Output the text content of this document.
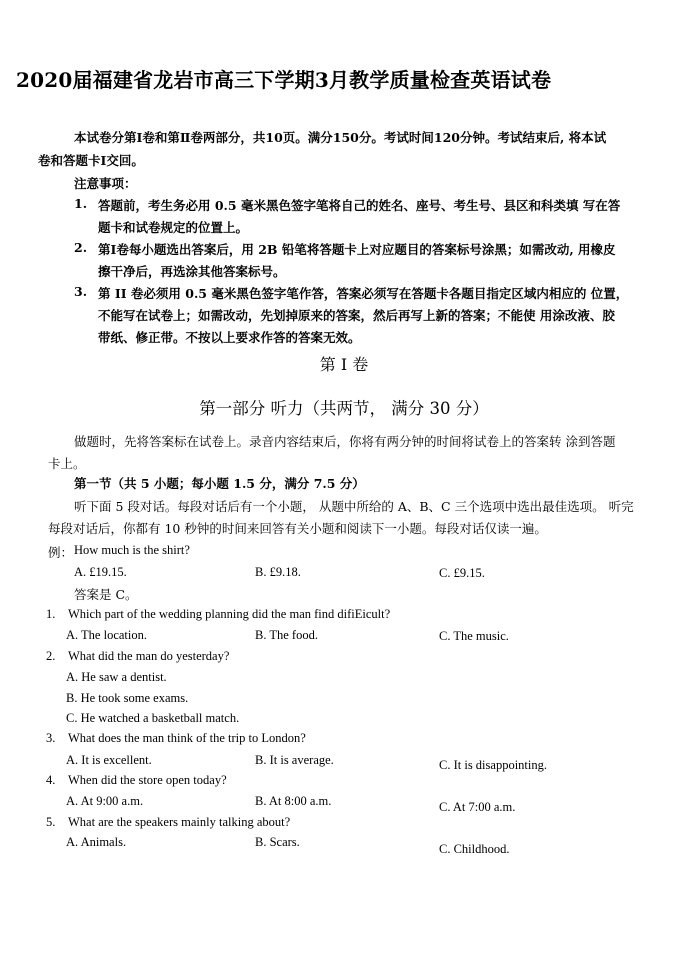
2020届福建省龙岩市高三下学期3月教学质量检查英语试卷
本试卷分第I卷和第Ⅱ卷两部分，共10页。满分150分。考试时间120分钟。考试结束后, 将本试
卷和答题卡Ⅰ交回。
注意事项：
1. 答题前，考生务必用 0.5 毫米黑色签字笔将自己的姓名、座号、考生号、县区和科类填 写在答
题卡和试卷规定的位置上。
2. 第Ⅰ卷每小题选出答案后，用 2B 铅笔将答题卡上对应题目的答案标号涂黑；如需改动, 用橡皮
擦干净后，再选涂其他答案标号。
3. 第 II 卷必须用 0.5 毫米黑色签字笔作答，答案必须写在答题卡各题目指定区域内相应的 位置，
不能写在试卷上；如需改动，先划掉原来的答案，然后再写上新的答案；不能使 用涂改液、胶
带纸、修正带。不按以上要求作答的答案无效。
第 I 卷
第一部分 听力（共两节， 满分 30 分）
做题时，先将答案标在试卷上。录音内容结束后，你将有两分钟的时间将试卷上的答案转 涂到答题
卡上。
第一节（共 5 小题；每小题 1.5 分，满分 7.5 分）
听下面 5 段对话。每段对话后有一个小题， 从题中所给的 A、B、C 三个选项中选出最佳选项。 听完
每段对话后，你都有 10 秒钟的时间来回答有关小题和阅读下一小题。每段对话仅读一遍。
例： How much is the shirt?
A. £19.15.	B. £9.18.	C. £9.15.
答案是 C。
1. Which part of the wedding planning did the man find difiEicult?
A. The location.	B. The food.	C. The music.
2. What did the man do yesterday?
A. He saw a dentist.
B. He took some exams.
C. He watched a basketball match.
3. What does the man think of the trip to London?
A. It is excellent.	B. It is average.	C. It is disappointing.
4. When did the store open today?
A. At 9:00 a.m.	B. At 8:00 a.m.	C. At 7:00 a.m.
5. What are the speakers mainly talking about?
A. Animals.	B. Scars.	C. Childhood.
